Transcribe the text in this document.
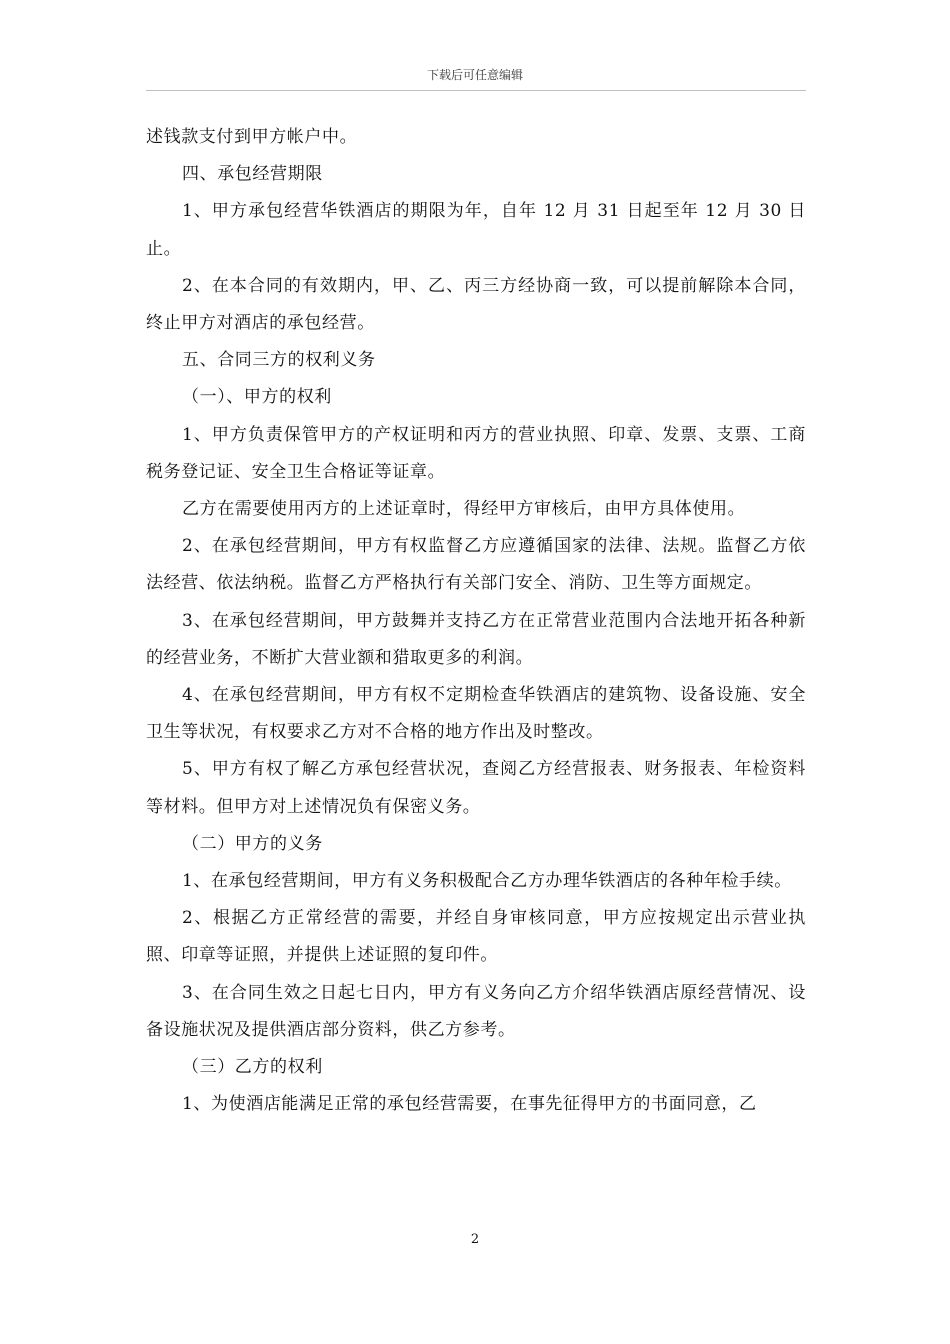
下载后可任意编辑

述钱款支付到甲方帐户中。

四、承包经营期限

1、甲方承包经营华铁酒店的期限为年，自年 12 月 31 日起至年 12 月 30 日止。

2、在本合同的有效期内，甲、乙、丙三方经协商一致，可以提前解除本合同，终止甲方对酒店的承包经营。

五、合同三方的权利义务

（一）、甲方的权利

1、甲方负责保管甲方的产权证明和丙方的营业执照、印章、发票、支票、工商税务登记证、安全卫生合格证等证章。

乙方在需要使用丙方的上述证章时，得经甲方审核后，由甲方具体使用。

2、在承包经营期间，甲方有权监督乙方应遵循国家的法律、法规。监督乙方依法经营、依法纳税。监督乙方严格执行有关部门安全、消防、卫生等方面规定。

3、在承包经营期间，甲方鼓舞并支持乙方在正常营业范围内合法地开拓各种新的经营业务，不断扩大营业额和猎取更多的利润。

4、在承包经营期间，甲方有权不定期检查华铁酒店的建筑物、设备设施、安全卫生等状况，有权要求乙方对不合格的地方作出及时整改。

5、甲方有权了解乙方承包经营状况，查阅乙方经营报表、财务报表、年检资料等材料。但甲方对上述情况负有保密义务。

（二）甲方的义务

1、在承包经营期间，甲方有义务积极配合乙方办理华铁酒店的各种年检手续。

2、根据乙方正常经营的需要，并经自身审核同意，甲方应按规定出示营业执照、印章等证照，并提供上述证照的复印件。

3、在合同生效之日起七日内，甲方有义务向乙方介绍华铁酒店原经营情况、设备设施状况及提供酒店部分资料，供乙方参考。

（三）乙方的权利

1、为使酒店能满足正常的承包经营需要，在事先征得甲方的书面同意，乙

2
